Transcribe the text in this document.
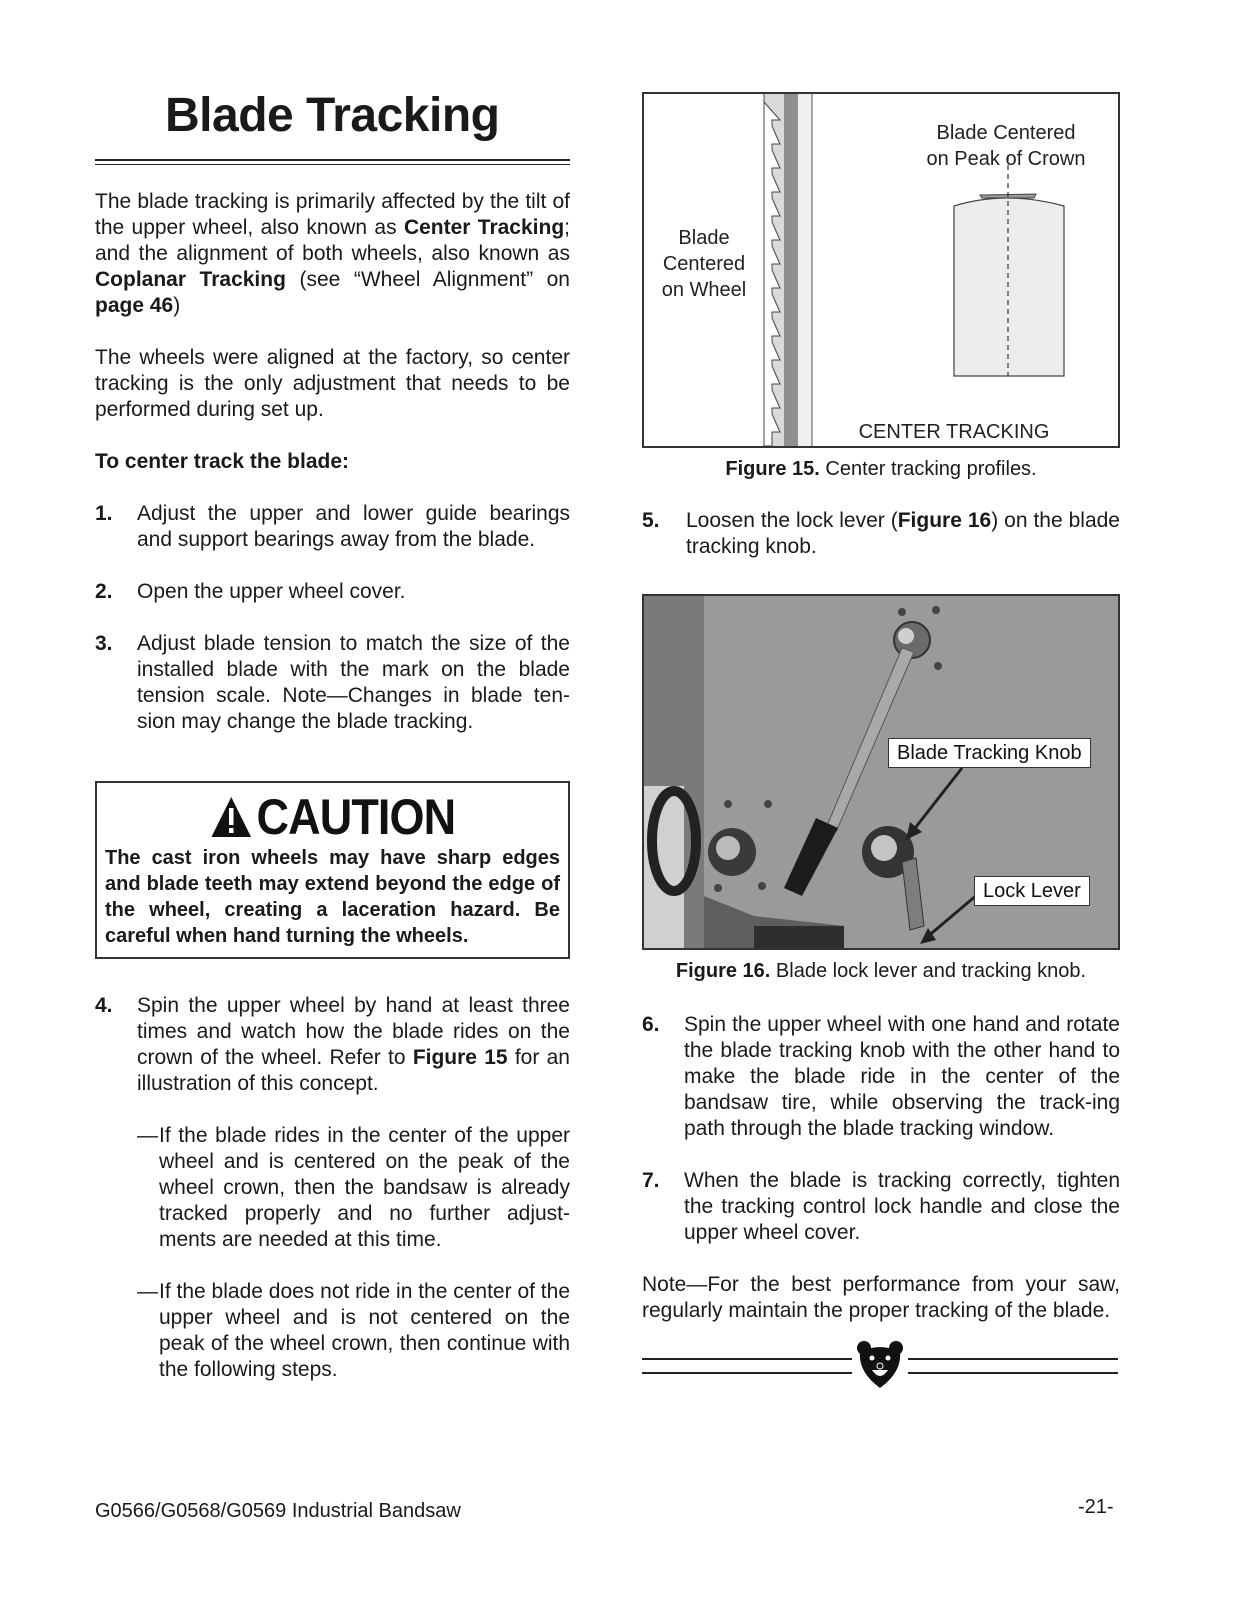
Blade Tracking

The blade tracking is primarily affected by the tilt of the upper wheel, also known as Center Tracking; and the alignment of both wheels, also known as Coplanar Tracking (see “Wheel Alignment” on page 46)

The wheels were aligned at the factory, so center tracking is the only adjustment that needs to be performed during set up.

To center track the blade:

1.	Adjust the upper and lower guide bearings and support bearings away from the blade.
2.	Open the upper wheel cover.
3.	Adjust blade tension to match the size of the installed blade with the mark on the blade tension scale. Note—Changes in blade ten-sion may change the blade tracking.
CAUTION
The cast iron wheels may have sharp edges and blade teeth may extend beyond the edge of the wheel, creating a laceration hazard. Be careful when hand turning the wheels.
4.	Spin the upper wheel by hand at least three times and watch how the blade rides on the crown of the wheel. Refer to Figure 15 for an illustration of this concept.
— If the blade rides in the center of the upper wheel and is centered on the peak of the wheel crown, then the bandsaw is already tracked properly and no further adjust-ments are needed at this time.
— If the blade does not ride in the center of the upper wheel and is not centered on the peak of the wheel crown, then continue with the following steps.
Blade Centered
on Peak of Crown
Blade
Centered
on Wheel
CENTER TRACKING
Figure 15. Center tracking profiles.
5.	Loosen the lock lever (Figure 16) on the blade tracking knob.
Blade Tracking Knob
Lock Lever
Figure 16. Blade lock lever and tracking knob.
6.	Spin the upper wheel with one hand and rotate the blade tracking knob with the other hand to make the blade ride in the center of the bandsaw tire, while observing the track-ing path through the blade tracking window.
7.	When the blade is tracking correctly, tighten the tracking control lock handle and close the upper wheel cover.

Note—For the best performance from your saw, regularly maintain the proper tracking of the blade.

G0566/G0568/G0569 Industrial Bandsaw	-21-
